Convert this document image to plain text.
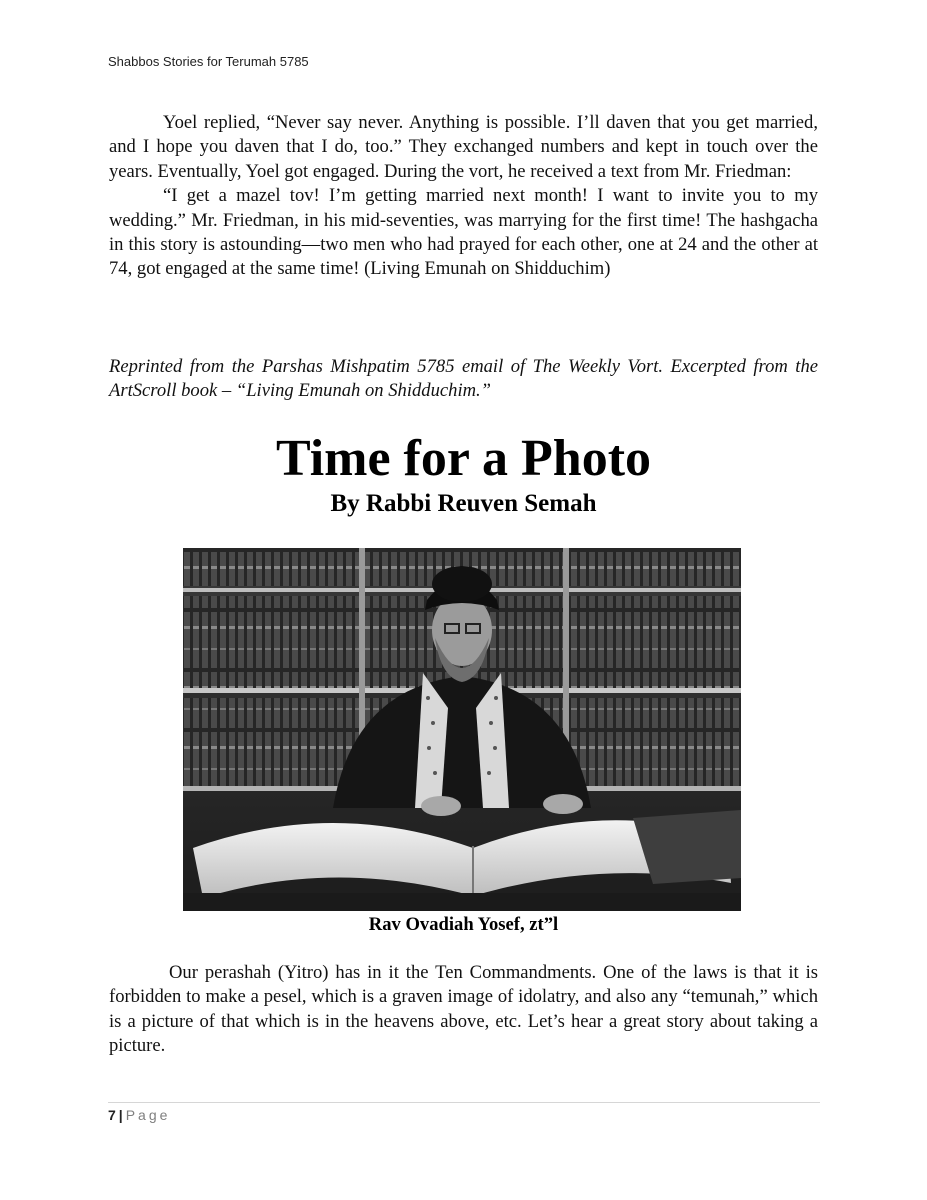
Shabbos Stories for Terumah 5785

Yoel replied, “Never say never. Anything is possible. I’ll daven that you get married, and I hope you daven that I do, too.” They exchanged numbers and kept in touch over the years. Eventually, Yoel got engaged. During the vort, he received a text from Mr. Friedman:

“I get a mazel tov! I’m getting married next month! I want to invite you to my wedding.” Mr. Friedman, in his mid-seventies, was marrying for the first time! The hashgacha in this story is astounding—two men who had prayed for each other, one at 24 and the other at 74, got engaged at the same time! (Living Emunah on Shidduchim)

Reprinted from the Parshas Mishpatim 5785 email of The Weekly Vort. Excerpted from the ArtScroll book – “Living Emunah on Shidduchim.”

Time for a Photo
By Rabbi Reuven Semah
Rav Ovadiah Yosef, zt”l

Our perashah (Yitro) has in it the Ten Commandments. One of the laws is that it is forbidden to make a pesel, which is a graven image of idolatry, and also any “temunah,” which is a picture of that which is in the heavens above, etc. Let’s hear a great story about taking a picture.

7 | Page
